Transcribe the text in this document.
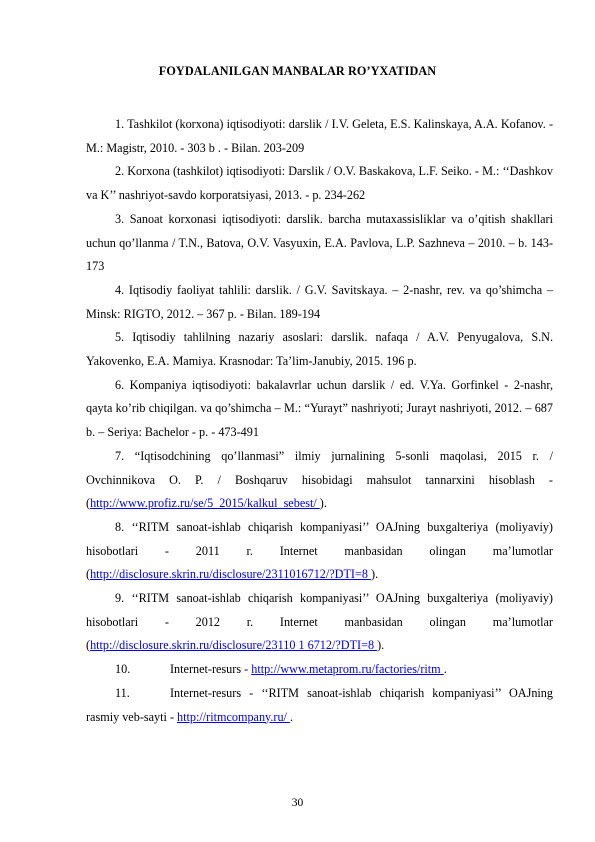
FOYDALANILGAN MANBALAR RO’YXATIDAN

1. Tashkilot (korxona) iqtisodiyoti: darslik / I.V. Geleta, E.S. Kalinskaya, A.A. Kofanov. - M.: Magistr, 2010. - 303 b . - Bilan. 203-209

2. Korxona (tashkilot) iqtisodiyoti: Darslik / O.V. Baskakova, L.F. Seiko. - M.: ‘‘Dashkov va K’’ nashriyot-savdo korporatsiyasi, 2013. - p. 234-262

3. Sanoat korxonasi iqtisodiyoti: darslik. barcha mutaxassisliklar va o’qitish shakllari uchun qo’llanma / T.N., Batova, O.V. Vasyuxin, E.A. Pavlova, L.P. Sazhneva – 2010. – b. 143-173

4. Iqtisodiy faoliyat tahlili: darslik. / G.V. Savitskaya. – 2-nashr, rev. va qo’shimcha – Minsk: RIGTO, 2012. – 367 p. - Bilan. 189-194

5. Iqtisodiy tahlilning nazariy asoslari: darslik. nafaqa / A.V. Penyugalova, S.N. Yakovenko, E.A. Mamiya. Krasnodar: Ta’lim-Janubiy, 2015. 196 p.

6. Kompaniya iqtisodiyoti: bakalavrlar uchun darslik / ed. V.Ya. Gorfinkel - 2-nashr, qayta ko’rib chiqilgan. va qo’shimcha – M.: “Yurayt” nashriyoti; Jurayt nashriyoti, 2012. – 687 b. – Seriya: Bachelor - p. - 473-491

7. “Iqtisodchining qo’llanmasi” ilmiy jurnalining 5-sonli maqolasi, 2015 r. / Ovchinnikova O. P. / Boshqaruv hisobidagi mahsulot tannarxini hisoblash - (http://www.profiz.ru/se/5_2015/kalkul_sebest/ ).

8. ‘‘RITM sanoat-ishlab chiqarish kompaniyasi’’ OAJning buxgalteriya (moliyaviy) hisobotlari - 2011 r. Internet manbasidan olingan ma’lumotlar (http://disclosure.skrin.ru/disclosure/2311016712/?DTI=8 ).

9. ‘‘RITM sanoat-ishlab chiqarish kompaniyasi’’ OAJning buxgalteriya (moliyaviy) hisobotlari - 2012 r. Internet manbasidan olingan ma’lumotlar (http://disclosure.skrin.ru/disclosure/23110 1 6712/?DTI=8 ).

10.	Internet-resurs - http://www.metaprom.ru/factories/ritm .

11.	Internet-resurs - ‘‘RITM sanoat-ishlab chiqarish kompaniyasi’’ OAJning rasmiy veb-sayti - http://ritmcompany.ru/ .

30
